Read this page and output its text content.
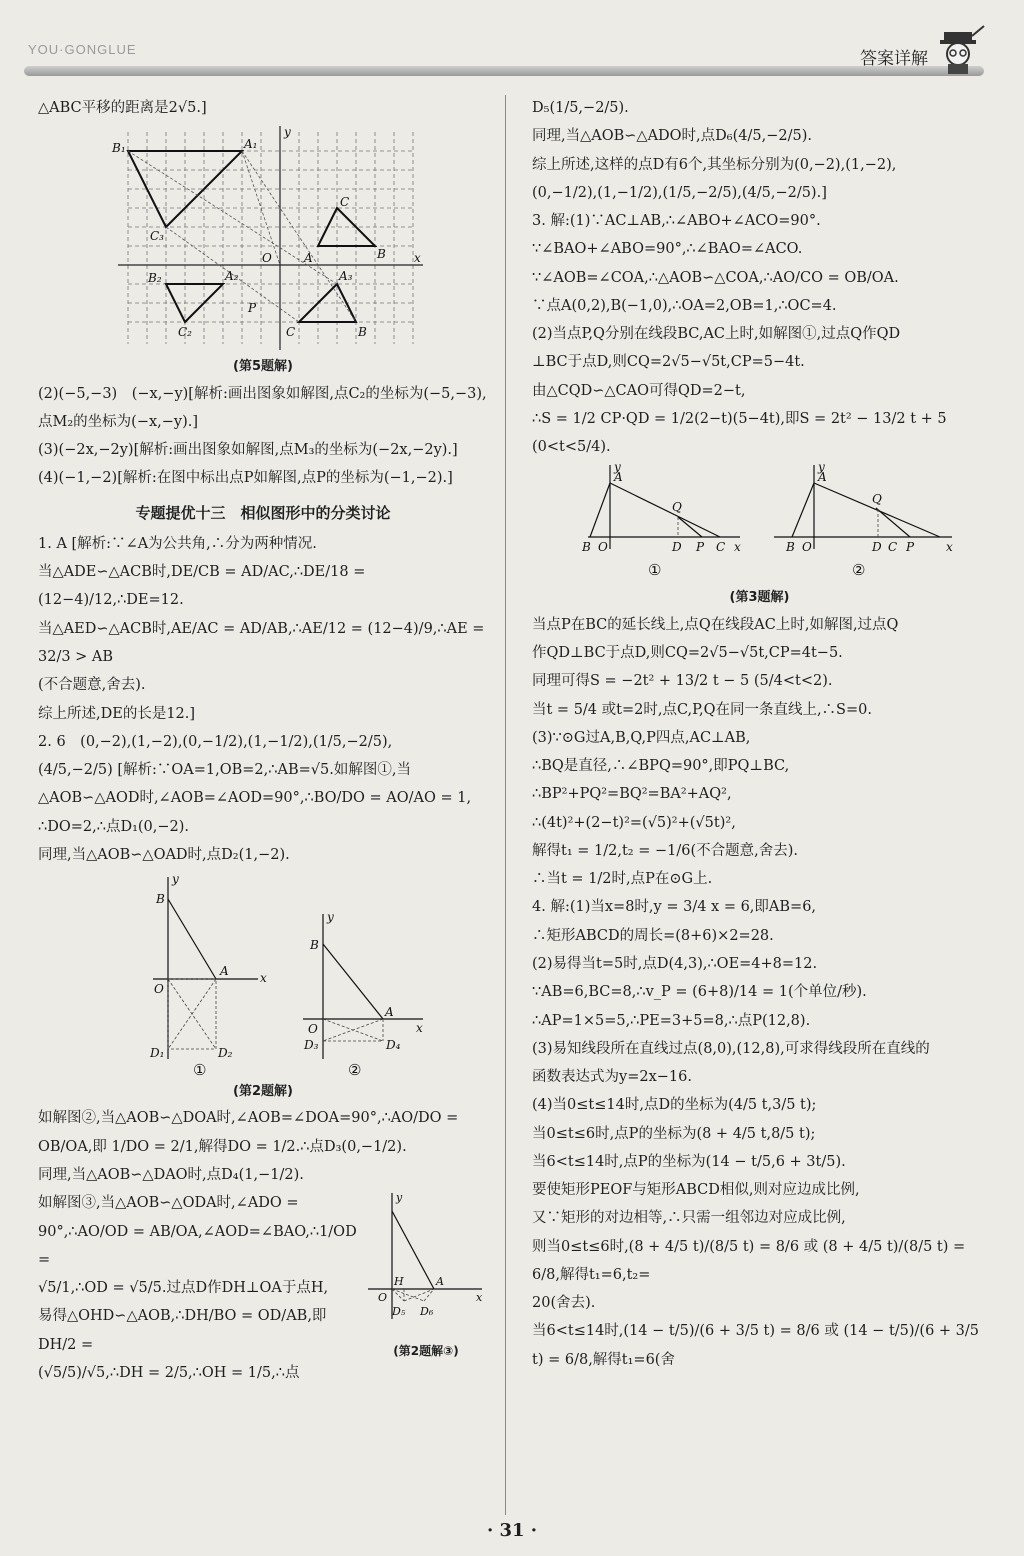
YOU·GONGLUE	答案详解

△ABC平移的距离是2√5.]

B₁	A₁
C₃
C
A	B
B₂	A₂
C₂
O
P
A₃
C	B
x
y

(第5题解)

(2)(−5,−3)　(−x,−y)[解析:画出图象如解图,点C₂的坐标为(−5,−3),点M₂的坐标为(−x,−y).]

(3)(−2x,−2y)[解析:画出图象如解图,点M₃的坐标为(−2x,−2y).]

(4)(−1,−2)[解析:在图中标出点P如解图,点P的坐标为(−1,−2).]

专题提优十三　相似图形中的分类讨论

1. A [解析:∵∠A为公共角,∴分为两种情况.

当△ADE∽△ACB时,DE/CB = AD/AC,∴DE/18 = (12−4)/12,∴DE=12.

当△AED∽△ACB时,AE/AC = AD/AB,∴AE/12 = (12−4)/9,∴AE = 32/3 > AB

(不合题意,舍去).

综上所述,DE的长是12.]

2. 6　(0,−2),(1,−2),(0,−1/2),(1,−1/2),(1/5,−2/5),

(4/5,−2/5) [解析:∵OA=1,OB=2,∴AB=√5.如解图①,当

△AOB∽△AOD时,∠AOB=∠AOD=90°,∴BO/DO = AO/AO = 1,

∴DO=2,∴点D₁(0,−2).

同理,当△AOB∽△OAD时,点D₂(1,−2).

B
A
O
x
y
D₁	D₂
B
A
O	x
y
D₃	D₄
①	②

(第2题解)

如解图②,当△AOB∽△DOA时,∠AOB=∠DOA=90°,∴AO/DO =

OB/OA,即 1/DO = 2/1,解得DO = 1/2.∴点D₃(0,−1/2).

同理,当△AOB∽△DAO时,点D₄(1,−1/2).

如解图③,当△AOB∽△ODA时,∠ADO =

90°,∴AO/OD = AB/OA,∠AOD=∠BAO,∴1/OD =

√5/1,∴OD = √5/5.过点D作DH⊥OA于点H,

易得△OHD∽△AOB,∴DH/BO = OD/AB,即 DH/2 =

(√5/5)/√5,∴DH = 2/5,∴OH = 1/5,∴点

H	A
O	x
y
D₅ D₆

(第2题解③)

D₅(1/5,−2/5).

同理,当△AOB∽△ADO时,点D₆(4/5,−2/5).

综上所述,这样的点D有6个,其坐标分别为(0,−2),(1,−2),

(0,−1/2),(1,−1/2),(1/5,−2/5),(4/5,−2/5).]

3. 解:(1)∵AC⊥AB,∴∠ABO+∠ACO=90°.

∵∠BAO+∠ABO=90°,∴∠BAO=∠ACO.

∵∠AOB=∠COA,∴△AOB∽△COA,∴AO/CO = OB/OA.

∵点A(0,2),B(−1,0),∴OA=2,OB=1,∴OC=4.

(2)当点P,Q分别在线段BC,AC上时,如解图①,过点Q作QD

⊥BC于点D,则CQ=2√5−√5t,CP=5−4t.

由△CQD∽△CAO可得QD=2−t,

∴S = 1/2 CP·QD = 1/2(2−t)(5−4t),即S = 2t² − 13/2 t + 5

(0<t<5/4).

A
Q
B O	D P C x
y
A
Q
B O	D C P	x
y
①	②

(第3题解)

当点P在BC的延长线上,点Q在线段AC上时,如解图,过点Q

作QD⊥BC于点D,则CQ=2√5−√5t,CP=4t−5.

同理可得S = −2t² + 13/2 t − 5 (5/4<t<2).

当t = 5/4 或t=2时,点C,P,Q在同一条直线上,∴S=0.

(3)∵⊙G过A,B,Q,P四点,AC⊥AB,

∴BQ是直径,∴∠BPQ=90°,即PQ⊥BC,

∴BP²+PQ²=BQ²=BA²+AQ²,

∴(4t)²+(2−t)²=(√5)²+(√5t)²,

解得t₁ = 1/2,t₂ = −1/6(不合题意,舍去).

∴当t = 1/2时,点P在⊙G上.

4. 解:(1)当x=8时,y = 3/4 x = 6,即AB=6,

∴矩形ABCD的周长=(8+6)×2=28.

(2)易得当t=5时,点D(4,3),∴OE=4+8=12.

∵AB=6,BC=8,∴v_P = (6+8)/14 = 1(个单位/秒).

∴AP=1×5=5,∴PE=3+5=8,∴点P(12,8).

(3)易知线段所在直线过点(8,0),(12,8),可求得线段所在直线的

函数表达式为y=2x−16.

(4)当0≤t≤14时,点D的坐标为(4/5 t,3/5 t);

当0≤t≤6时,点P的坐标为(8 + 4/5 t,8/5 t);

当6<t≤14时,点P的坐标为(14 − t/5,6 + 3t/5).

要使矩形PEOF与矩形ABCD相似,则对应边成比例,

又∵矩形的对边相等,∴只需一组邻边对应成比例,

则当0≤t≤6时,(8 + 4/5 t)/(8/5 t) = 8/6 或 (8 + 4/5 t)/(8/5 t) = 6/8,解得t₁=6,t₂=

20(舍去).

当6<t≤14时,(14 − t/5)/(6 + 3/5 t) = 8/6 或 (14 − t/5)/(6 + 3/5 t) = 6/8,解得t₁=6(舍

· 31 ·
